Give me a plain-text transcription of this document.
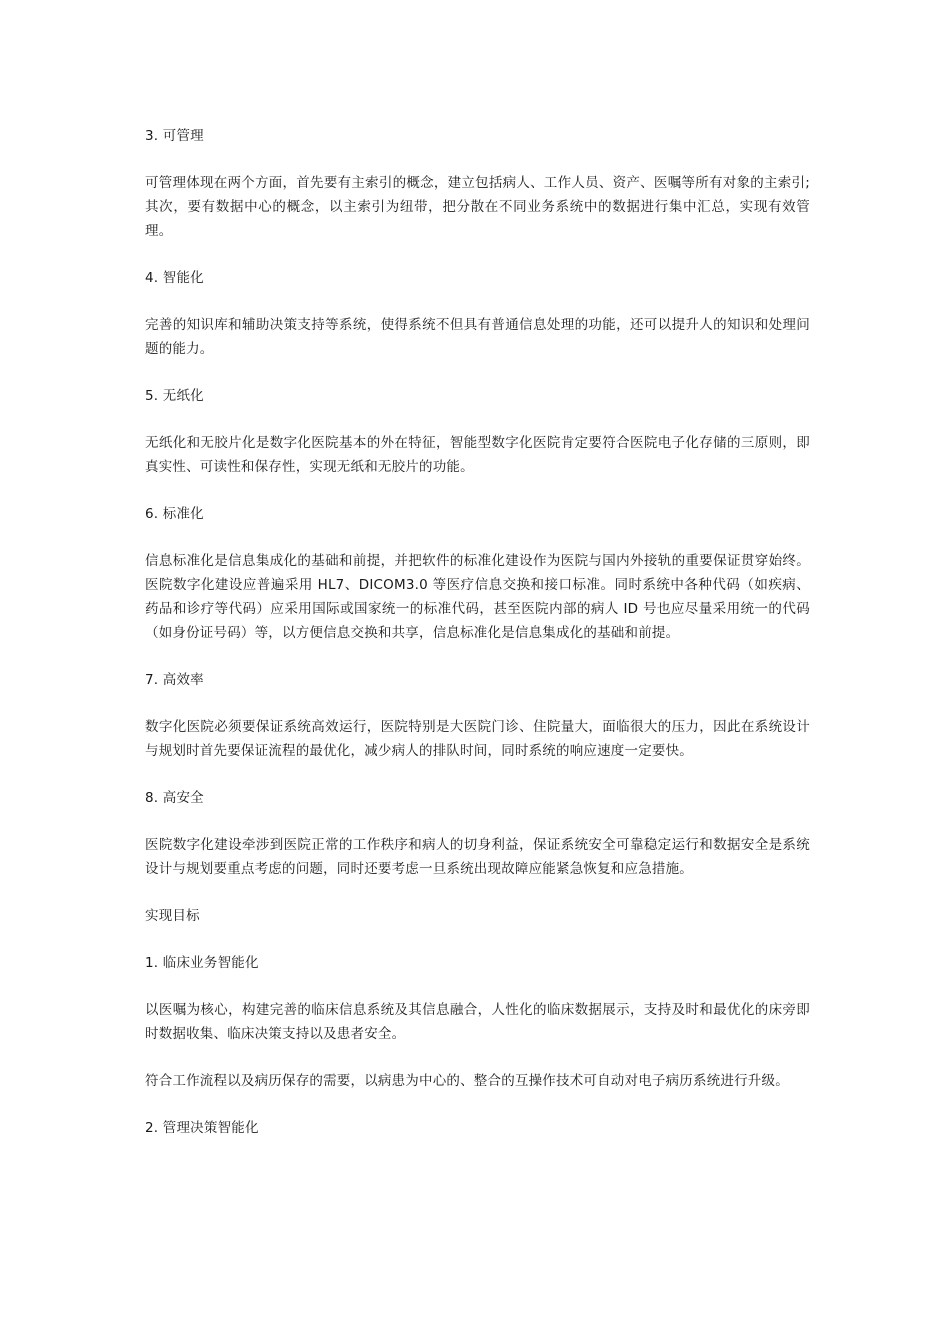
3. 可管理

可管理体现在两个方面，首先要有主索引的概念，建立包括病人、工作人员、资产、医嘱等所有对象的主索引; 其次，要有数据中心的概念，以主索引为纽带，把分散在不同业务系统中的数据进行集中汇总，实现有效管理。

4. 智能化

完善的知识库和辅助决策支持等系统，使得系统不但具有普通信息处理的功能，还可以提升人的知识和处理问题的能力。

5. 无纸化

无纸化和无胶片化是数字化医院基本的外在特征，智能型数字化医院肯定要符合医院电子化存储的三原则，即真实性、可读性和保存性，实现无纸和无胶片的功能。

6. 标准化

信息标准化是信息集成化的基础和前提，并把软件的标准化建设作为医院与国内外接轨的重要保证贯穿始终。医院数字化建设应普遍采用 HL7、DICOM3.0 等医疗信息交换和接口标准。同时系统中各种代码（如疾病、药品和诊疗等代码）应采用国际或国家统一的标准代码，甚至医院内部的病人 ID 号也应尽量采用统一的代码（如身份证号码）等，以方便信息交换和共享，信息标准化是信息集成化的基础和前提。

7. 高效率

数字化医院必须要保证系统高效运行，医院特别是大医院门诊、住院量大，面临很大的压力，因此在系统设计与规划时首先要保证流程的最优化，减少病人的排队时间，同时系统的响应速度一定要快。

8. 高安全

医院数字化建设牵涉到医院正常的工作秩序和病人的切身利益，保证系统安全可靠稳定运行和数据安全是系统设计与规划要重点考虑的问题，同时还要考虑一旦系统出现故障应能紧急恢复和应急措施。

实现目标

1. 临床业务智能化

以医嘱为核心，构建完善的临床信息系统及其信息融合，人性化的临床数据展示，支持及时和最优化的床旁即时数据收集、临床决策支持以及患者安全。

符合工作流程以及病历保存的需要，以病患为中心的、整合的互操作技术可自动对电子病历系统进行升级。

2. 管理决策智能化
